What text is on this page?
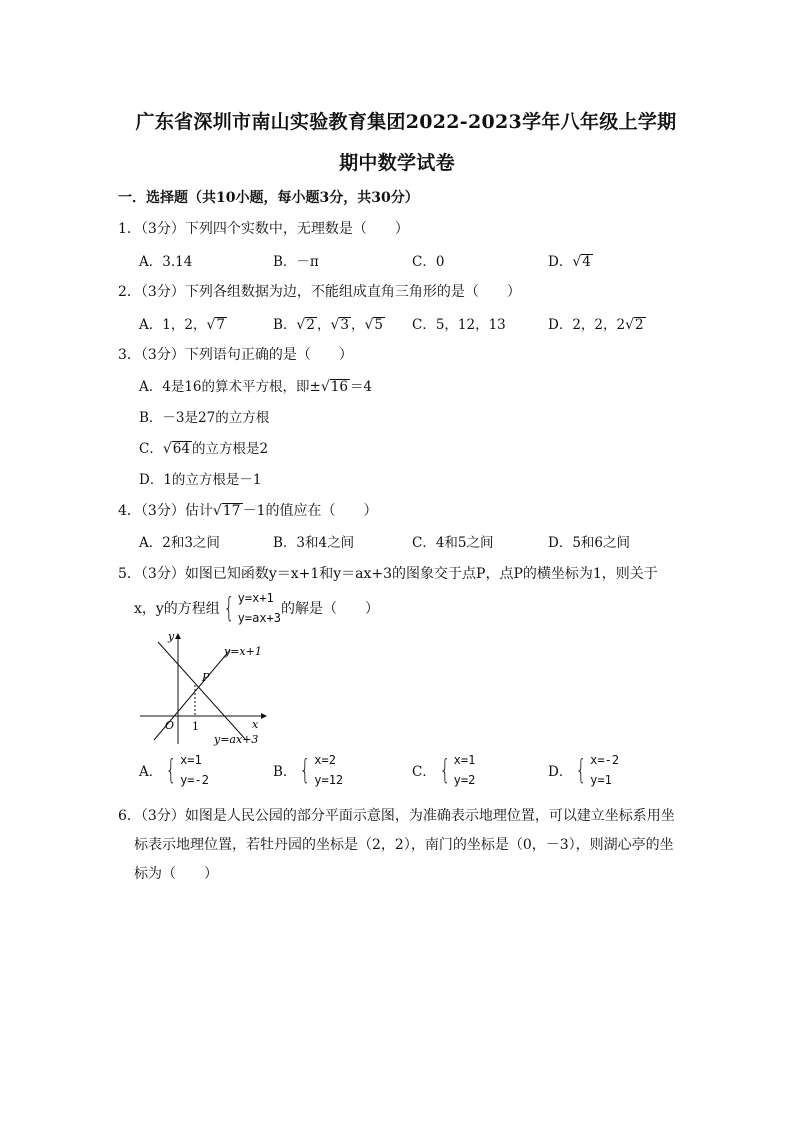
广东省深圳市南山实验教育集团2022-2023学年八年级上学期
期中数学试卷
一．选择题（共10小题，每小题3分，共30分）
1．（3分）下列四个实数中，无理数是（　　）
A．3.14	B．－π	C．0	D．√4
2．（3分）下列各组数据为边，不能组成直角三角形的是（　　）
A．1，2，√7	B．√2 ，√3 ，√5 C．5，12，13	D．2，2，2√2
3．（3分）下列语句正确的是（　　）
A．4是16的算术平方根，即±√16 ＝4
B．－3是27的立方根
C．√64 的立方根是2
D．1的立方根是－1
4．（3分）估计√17 －1的值应在（　　）
A．2和3之间	B．3和4之间	C．4和5之间	D．5和6之间
5．（3分）如图已知函数y＝x+1和y＝ax+3的图象交于点P，点P的横坐标为1，则关于
x，y的方程组 { y=x+1
y=ax+3的解是（　　）
y
x
O 1
P
y=x+1
y=ax+3
A． { x=1
y=-2	B． { x=2
y=12	C． { x=1
y=2	D． { x=-2
y=1
6．（3分）如图是人民公园的部分平面示意图，为准确表示地理位置，可以建立坐标系用坐
标表示地理位置，若牡丹园的坐标是（2，2），南门的坐标是（0，－3），则湖心亭的坐
标为（　　）
